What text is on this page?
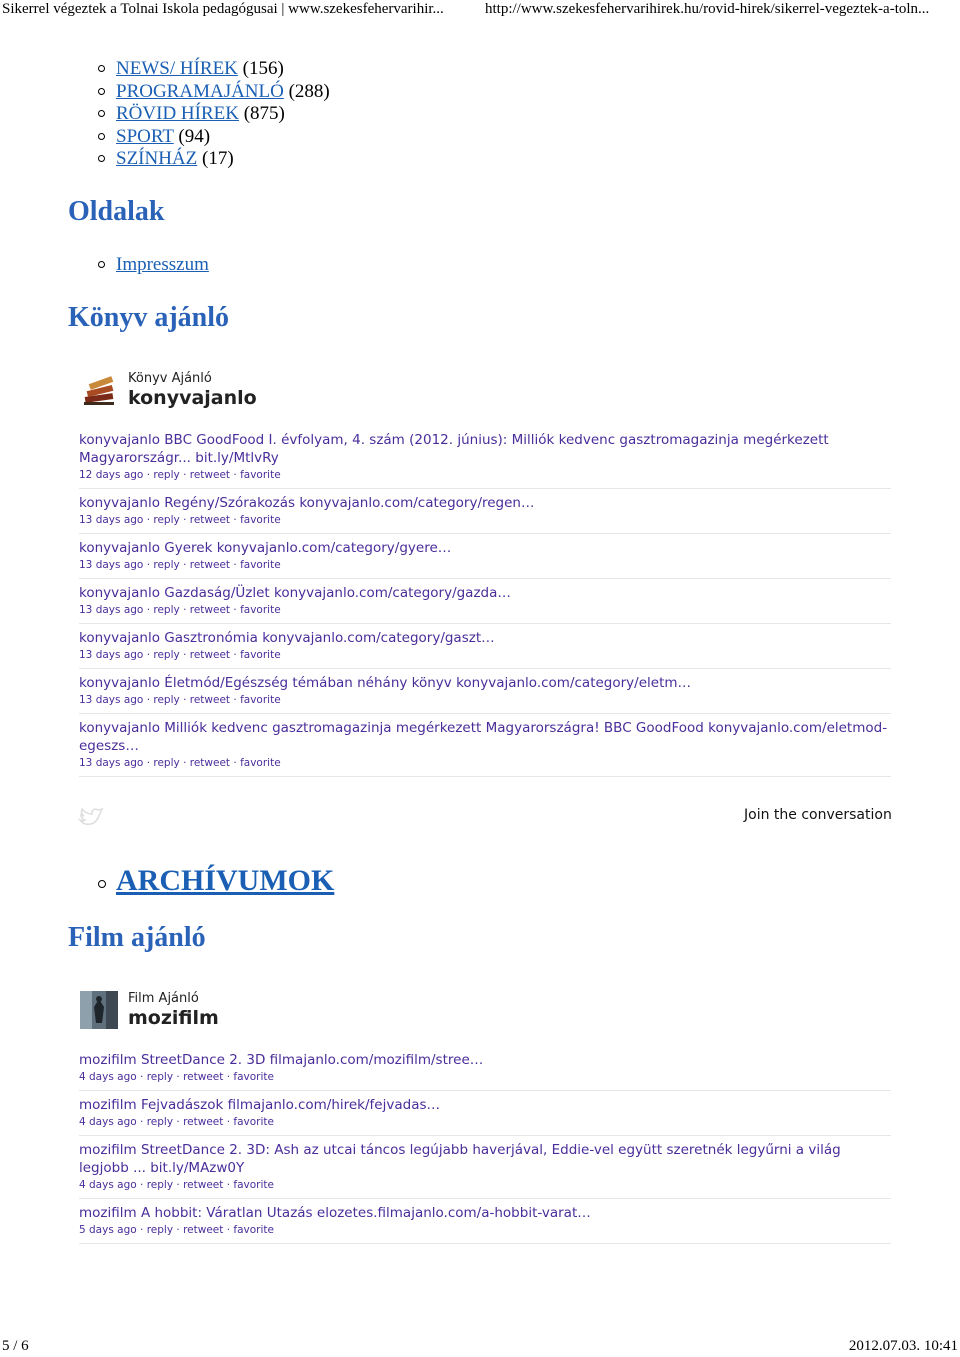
Sikerrel végeztek a Tolnai Iskola pedagógusai | www.szekesfehervarihir...	http://www.szekesfehervarihirek.hu/rovid-hirek/sikerrel-vegeztek-a-toln...
NEWS/ HÍREK (156)
PROGRAMAJÁNLÓ (288)
RÖVID HÍREK (875)
SPORT (94)
SZÍNHÁZ (17)
Oldalak
Impresszum
Könyv ajánló
Könyv Ajánló
konyvajanlo
konyvajanlo BBC GoodFood I. évfolyam, 4. szám (2012. június): Milliók kedvenc gasztromagazinja megérkezett Magyarországr... bit.ly/MtlvRy
12 days ago · reply · retweet · favorite
konyvajanlo Regény/Szórakozás konyvajanlo.com/category/regen…
13 days ago · reply · retweet · favorite
konyvajanlo Gyerek konyvajanlo.com/category/gyere…
13 days ago · reply · retweet · favorite
konyvajanlo Gazdaság/Üzlet konyvajanlo.com/category/gazda…
13 days ago · reply · retweet · favorite
konyvajanlo Gasztronómia konyvajanlo.com/category/gaszt…
13 days ago · reply · retweet · favorite
konyvajanlo Életmód/Egészség témában néhány könyv konyvajanlo.com/category/eletm…
13 days ago · reply · retweet · favorite
konyvajanlo Milliók kedvenc gasztromagazinja megérkezett Magyarországra! BBC GoodFood konyvajanlo.com/eletmod-egeszs…
13 days ago · reply · retweet · favorite
Join the conversation
ARCHÍVUMOK
Film ajánló
Film Ajánló
mozifilm
mozifilm StreetDance 2. 3D filmajanlo.com/mozifilm/stree…
4 days ago · reply · retweet · favorite
mozifilm Fejvadászok filmajanlo.com/hirek/fejvadas…
4 days ago · reply · retweet · favorite
mozifilm StreetDance 2. 3D: Ash az utcai táncos legújabb haverjával, Eddie-vel együtt szeretnék legyűrni a világ legjobb ... bit.ly/MAzw0Y
4 days ago · reply · retweet · favorite
mozifilm A hobbit: Váratlan Utazás elozetes.filmajanlo.com/a-hobbit-varat…
5 days ago · reply · retweet · favorite
5 / 6	2012.07.03. 10:41
